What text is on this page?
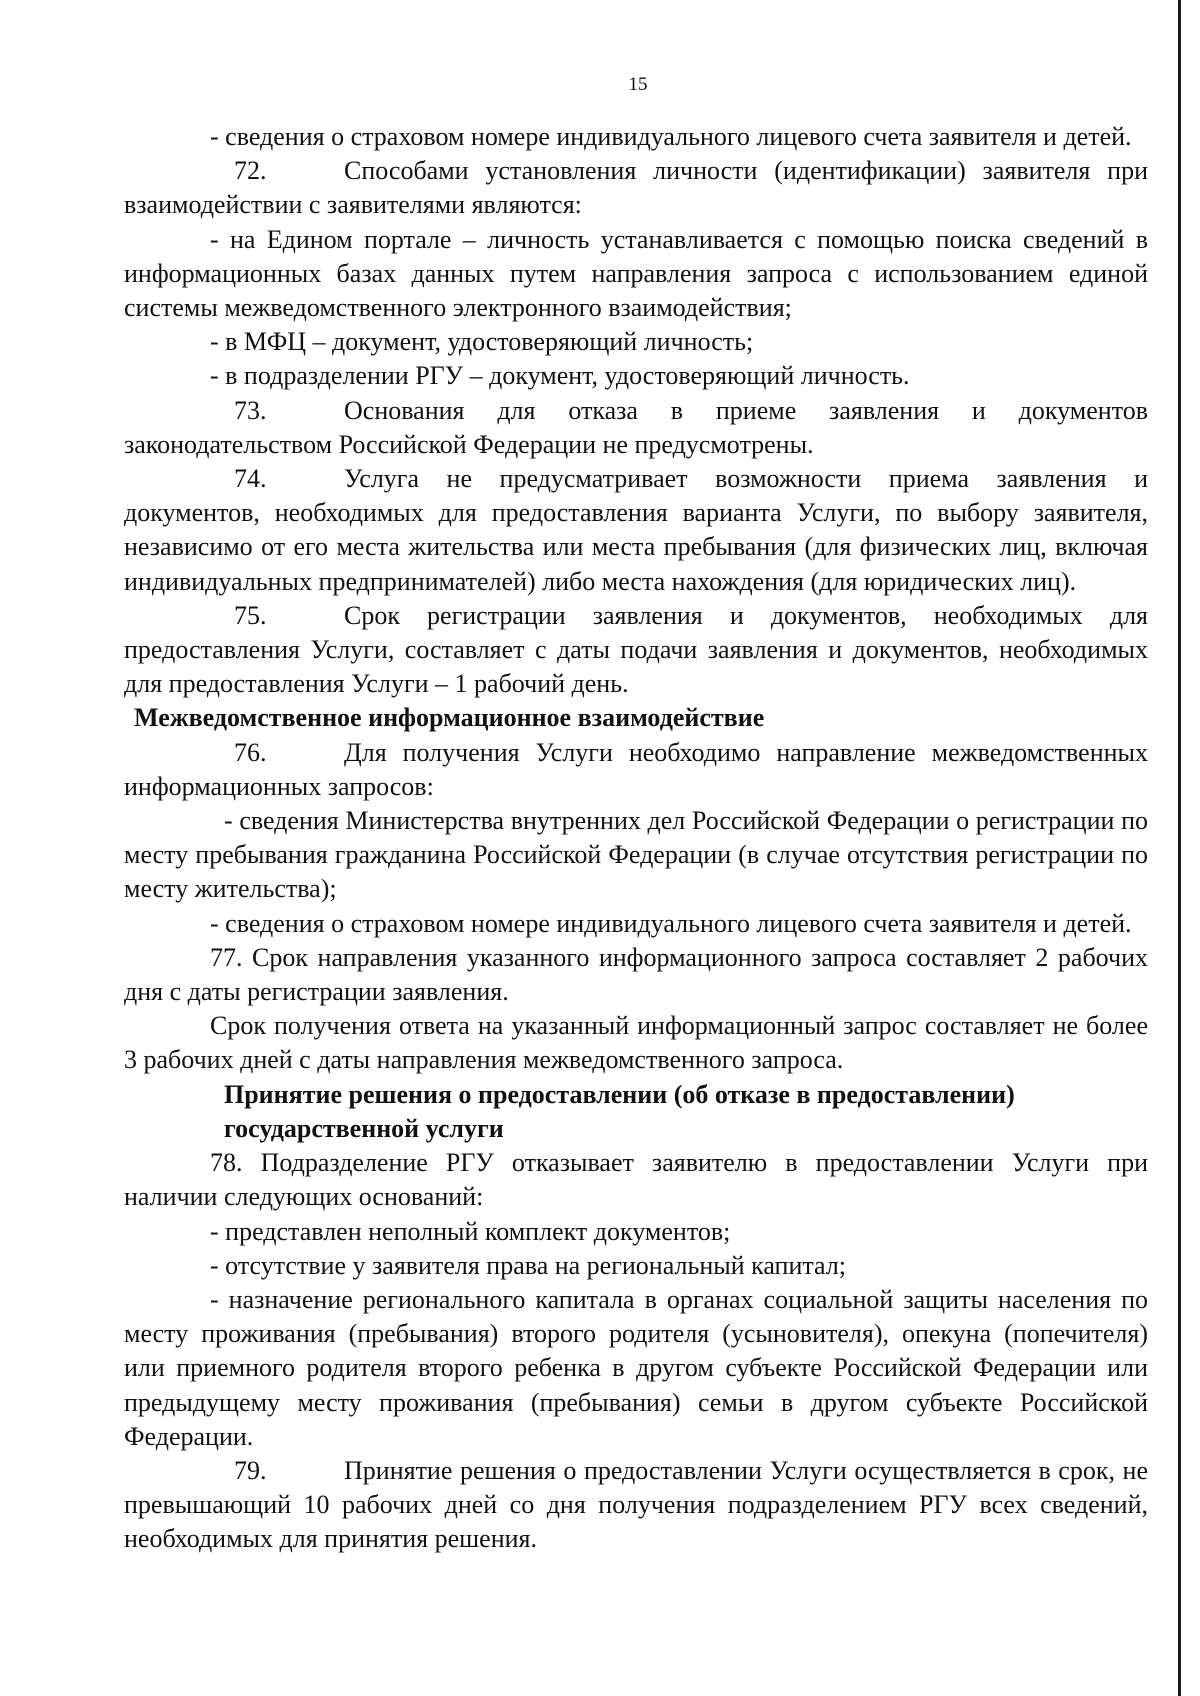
15

- сведения о страховом номере индивидуального лицевого счета заявителя и детей.

72.	Способами установления личности (идентификации) заявителя при взаимодействии с заявителями являются:

- на Едином портале – личность устанавливается с помощью поиска сведений в информационных базах данных путем направления запроса с использованием единой системы межведомственного электронного взаимодействия;

- в МФЦ – документ, удостоверяющий личность;

- в подразделении РГУ – документ, удостоверяющий личность.

73.	Основания для отказа в приеме заявления и документов законодательством Российской Федерации не предусмотрены.

74.	Услуга не предусматривает возможности приема заявления и документов, необходимых для предоставления варианта Услуги, по выбору заявителя, независимо от его места жительства или места пребывания (для физических лиц, включая индивидуальных предпринимателей) либо места нахождения (для юридических лиц).

75.	Срок регистрации заявления и документов, необходимых для предоставления Услуги, составляет с даты подачи заявления и документов, необходимых для предоставления Услуги – 1 рабочий день.

Межведомственное информационное взаимодействие

76.	Для получения Услуги необходимо направление межведомственных информационных запросов:

- сведения Министерства внутренних дел Российской Федерации о регистрации по месту пребывания гражданина Российской Федерации (в случае отсутствия регистрации по месту жительства);

- сведения о страховом номере индивидуального лицевого счета заявителя и детей.

77. Срок направления указанного информационного запроса составляет 2 рабочих дня с даты регистрации заявления.

Срок получения ответа на указанный информационный запрос составляет не более 3 рабочих дней с даты направления межведомственного запроса.

Принятие решения о предоставлении (об отказе в предоставлении)

государственной услуги

78. Подразделение РГУ отказывает заявителю в предоставлении Услуги при наличии следующих оснований:

- представлен неполный комплект документов;

- отсутствие у заявителя права на региональный капитал;

- назначение регионального капитала в органах социальной защиты населения по месту проживания (пребывания) второго родителя (усыновителя), опекуна (попечителя) или приемного родителя второго ребенка в другом субъекте Российской Федерации или предыдущему месту проживания (пребывания) семьи в другом субъекте Российской Федерации.

79.	Принятие решения о предоставлении Услуги осуществляется в срок, не превышающий 10 рабочих дней со дня получения подразделением РГУ всех сведений, необходимых для принятия решения.
